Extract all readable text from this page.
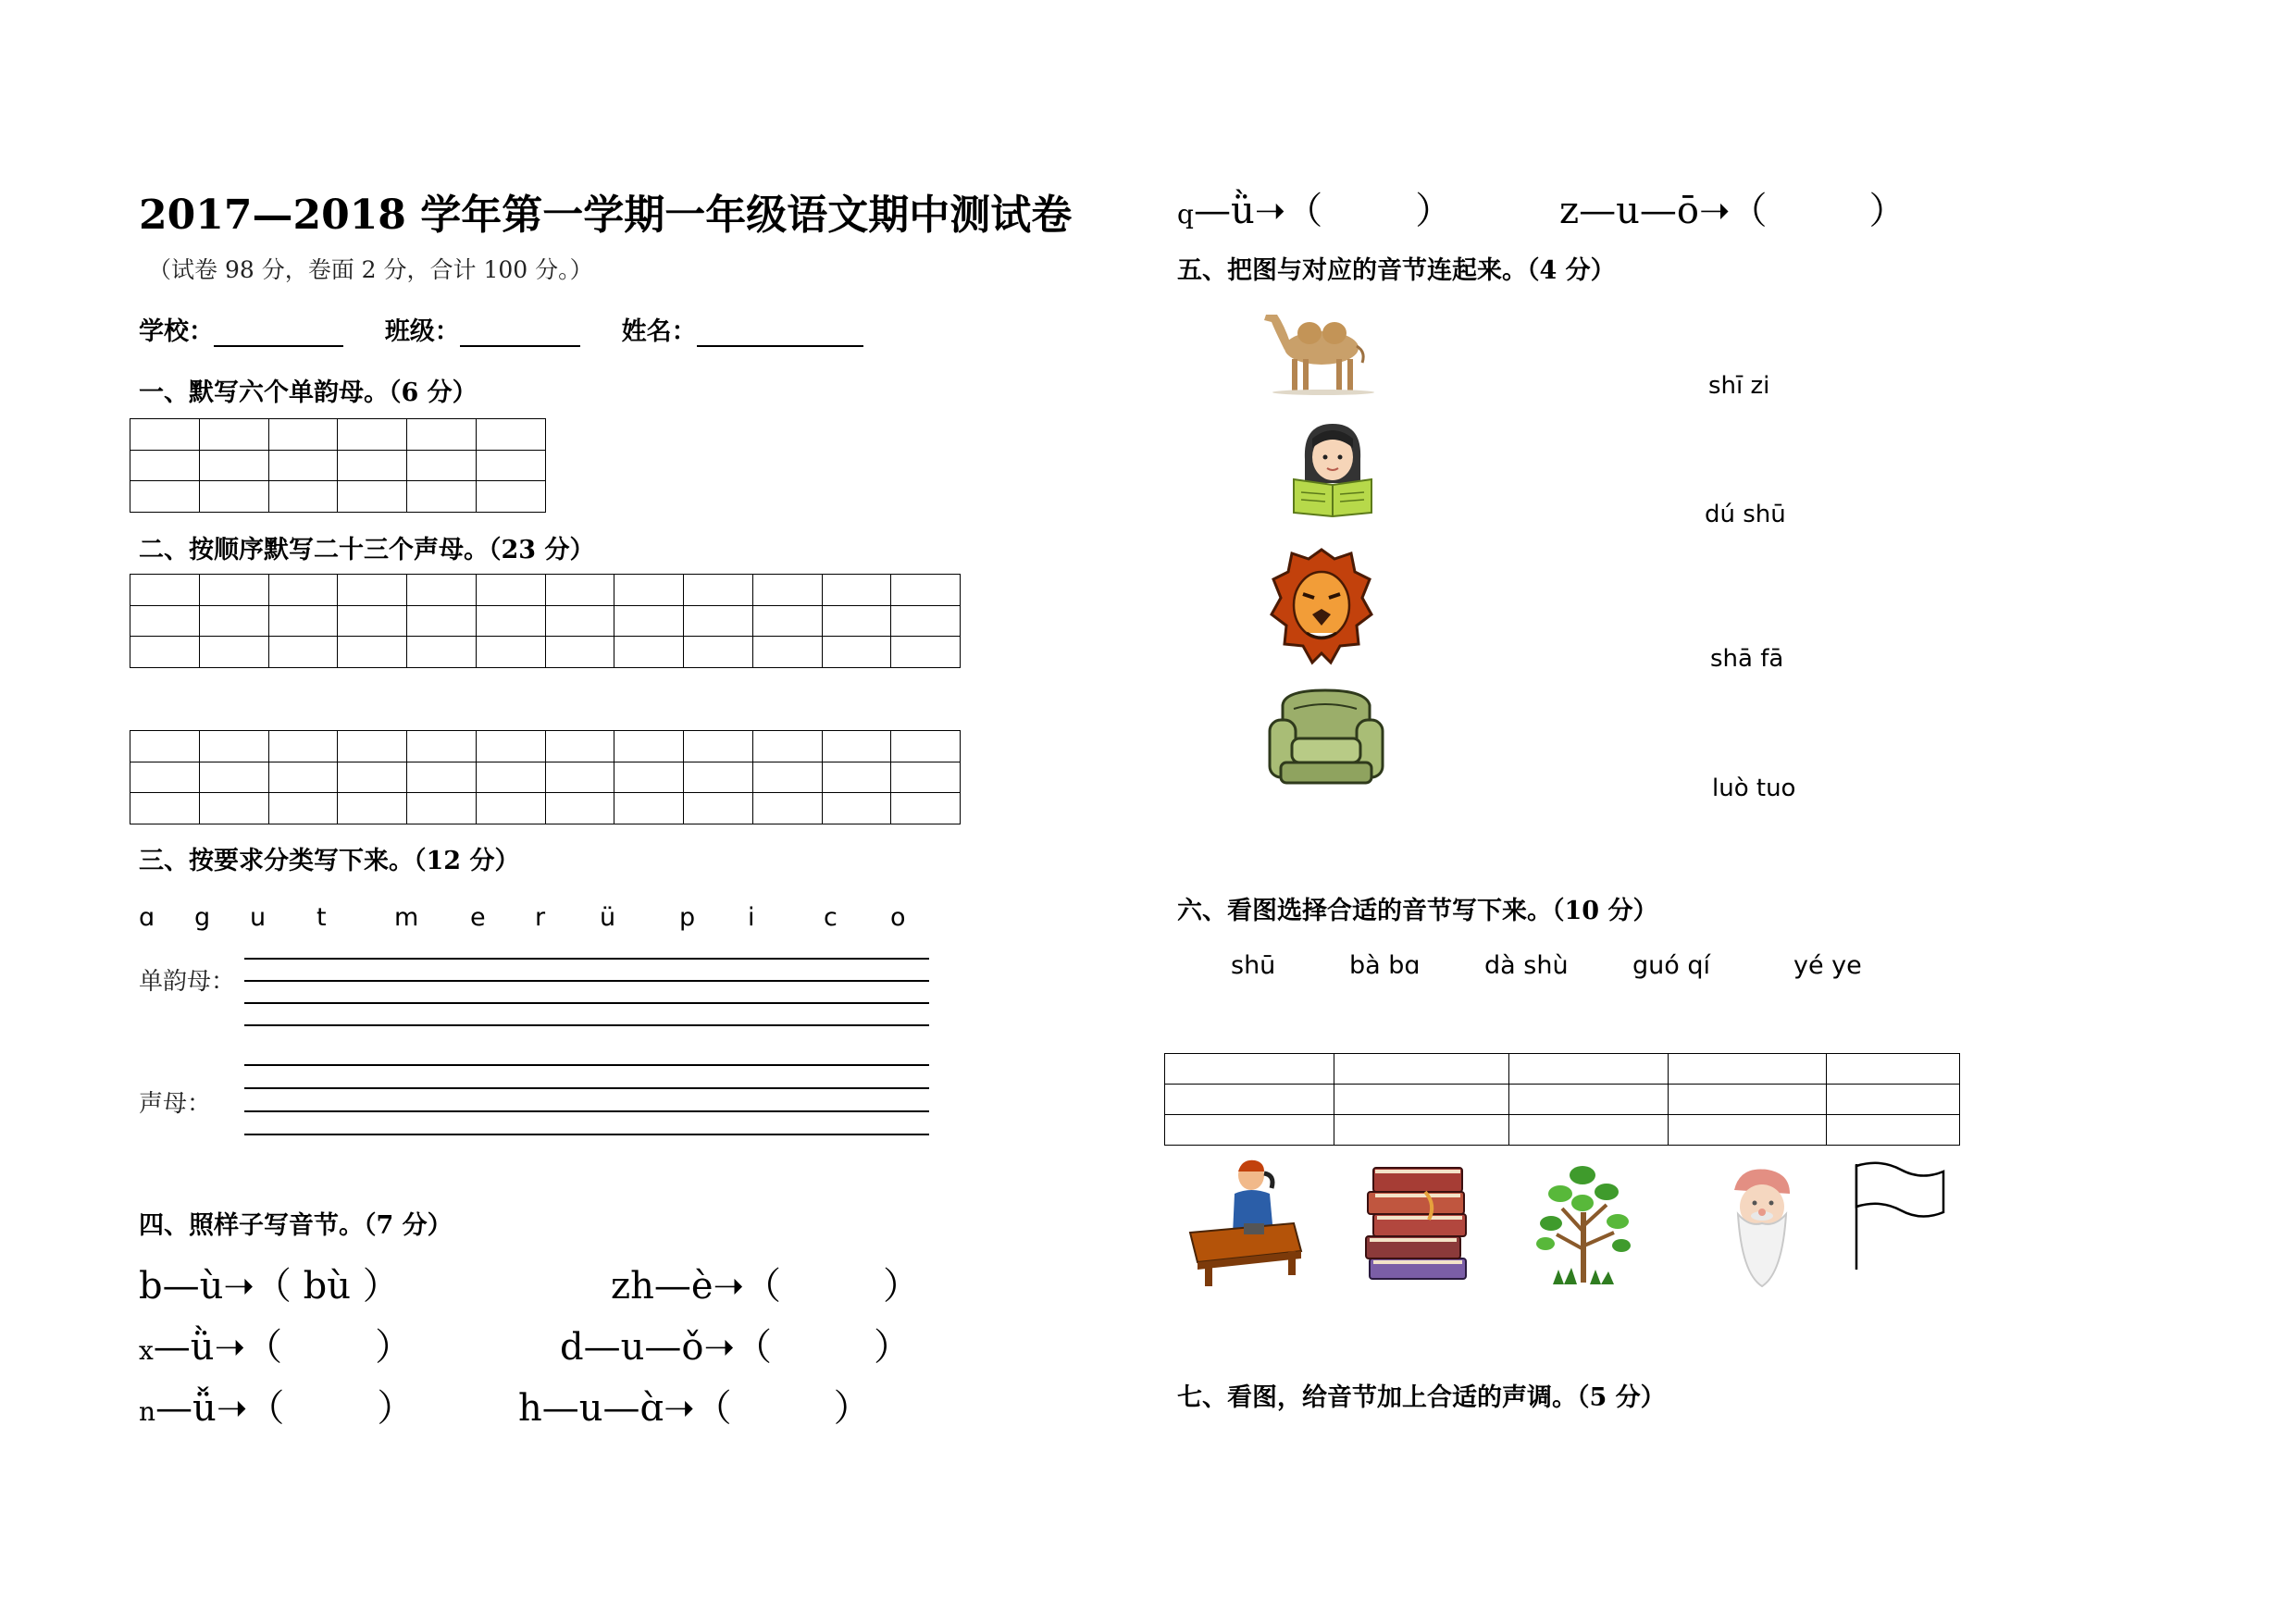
2017—2018 学年第一学期一年级语文期中测试卷
（试卷 98 分，卷面 2 分，合计 100 分。）
学校：	班级：	姓名：
一、默写六个单韵母。（6 分）

二、按顺序默写二十三个声母。（23 分）

三、按要求分类写下来。（12 分）
ɑ g u t	m e r ü	p i	c o
单韵母：
声母：
四、照样子写音节。（7 分）
b—ù➝（ bù ）	zh—è➝（	）
x—ǜ➝（	）	d—u—ǒ➝（	）
n—ǚ➝（	）	h—u—ɑ̀➝（	）
q—ǜ➝（	）	z—u—ō➝（	）
五、把图与对应的音节连起来。（4 分）
shī zi
dú shū
shā fā
luò tuo
六、看图选择合适的音节写下来。（10 分）
shū	bà bɑ	dà shù	guó qí	yé ye

七、看图，给音节加上合适的声调。（5 分）
